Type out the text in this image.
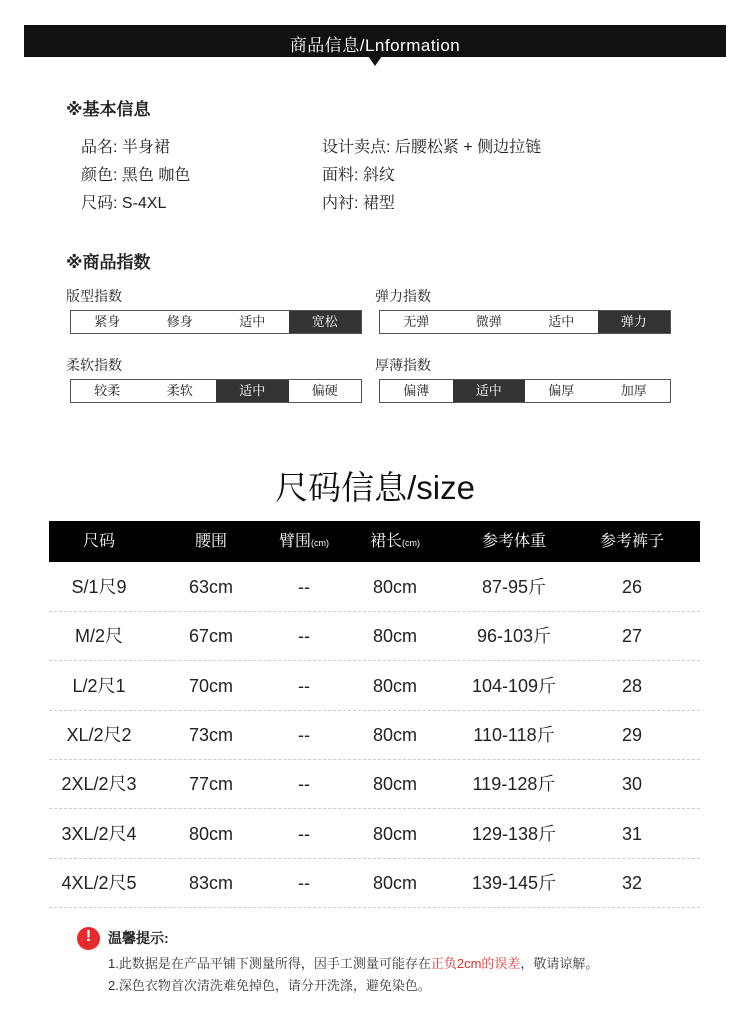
商品信息/Lnformation
※基本信息
品名: 半身裙
颜色: 黑色 咖色
尺码: S-4XL
设计卖点: 后腰松紧 + 侧边拉链
面料: 斜纹
内衬: 裙型
※商品指数
版型指数
紧身	修身	适中	宽松
弹力指数
无弹	微弹	适中	弹力
柔软指数
较柔	柔软	适中	偏硬
厚薄指数
偏薄	适中	偏厚	加厚
尺码信息/size
尺码	腰围	臂围(cm)	裙长(cm)	参考体重	参考裤子
S/1尺9	63cm	--	80cm	87-95斤	26
M/2尺	67cm	--	80cm	96-103斤	27
L/2尺1	70cm	--	80cm	104-109斤	28
XL/2尺2	73cm	--	80cm	110-118斤	29
2XL/2尺3	77cm	--	80cm	119-128斤	30
3XL/2尺4	80cm	--	80cm	129-138斤	31
4XL/2尺5	83cm	--	80cm	139-145斤	32
!
温馨提示:
1.此数据是在产品平铺下测量所得，因手工测量可能存在正负2cm的误差，敬请谅解。
2.深色衣物首次清洗难免掉色，请分开洗涤，避免染色。
